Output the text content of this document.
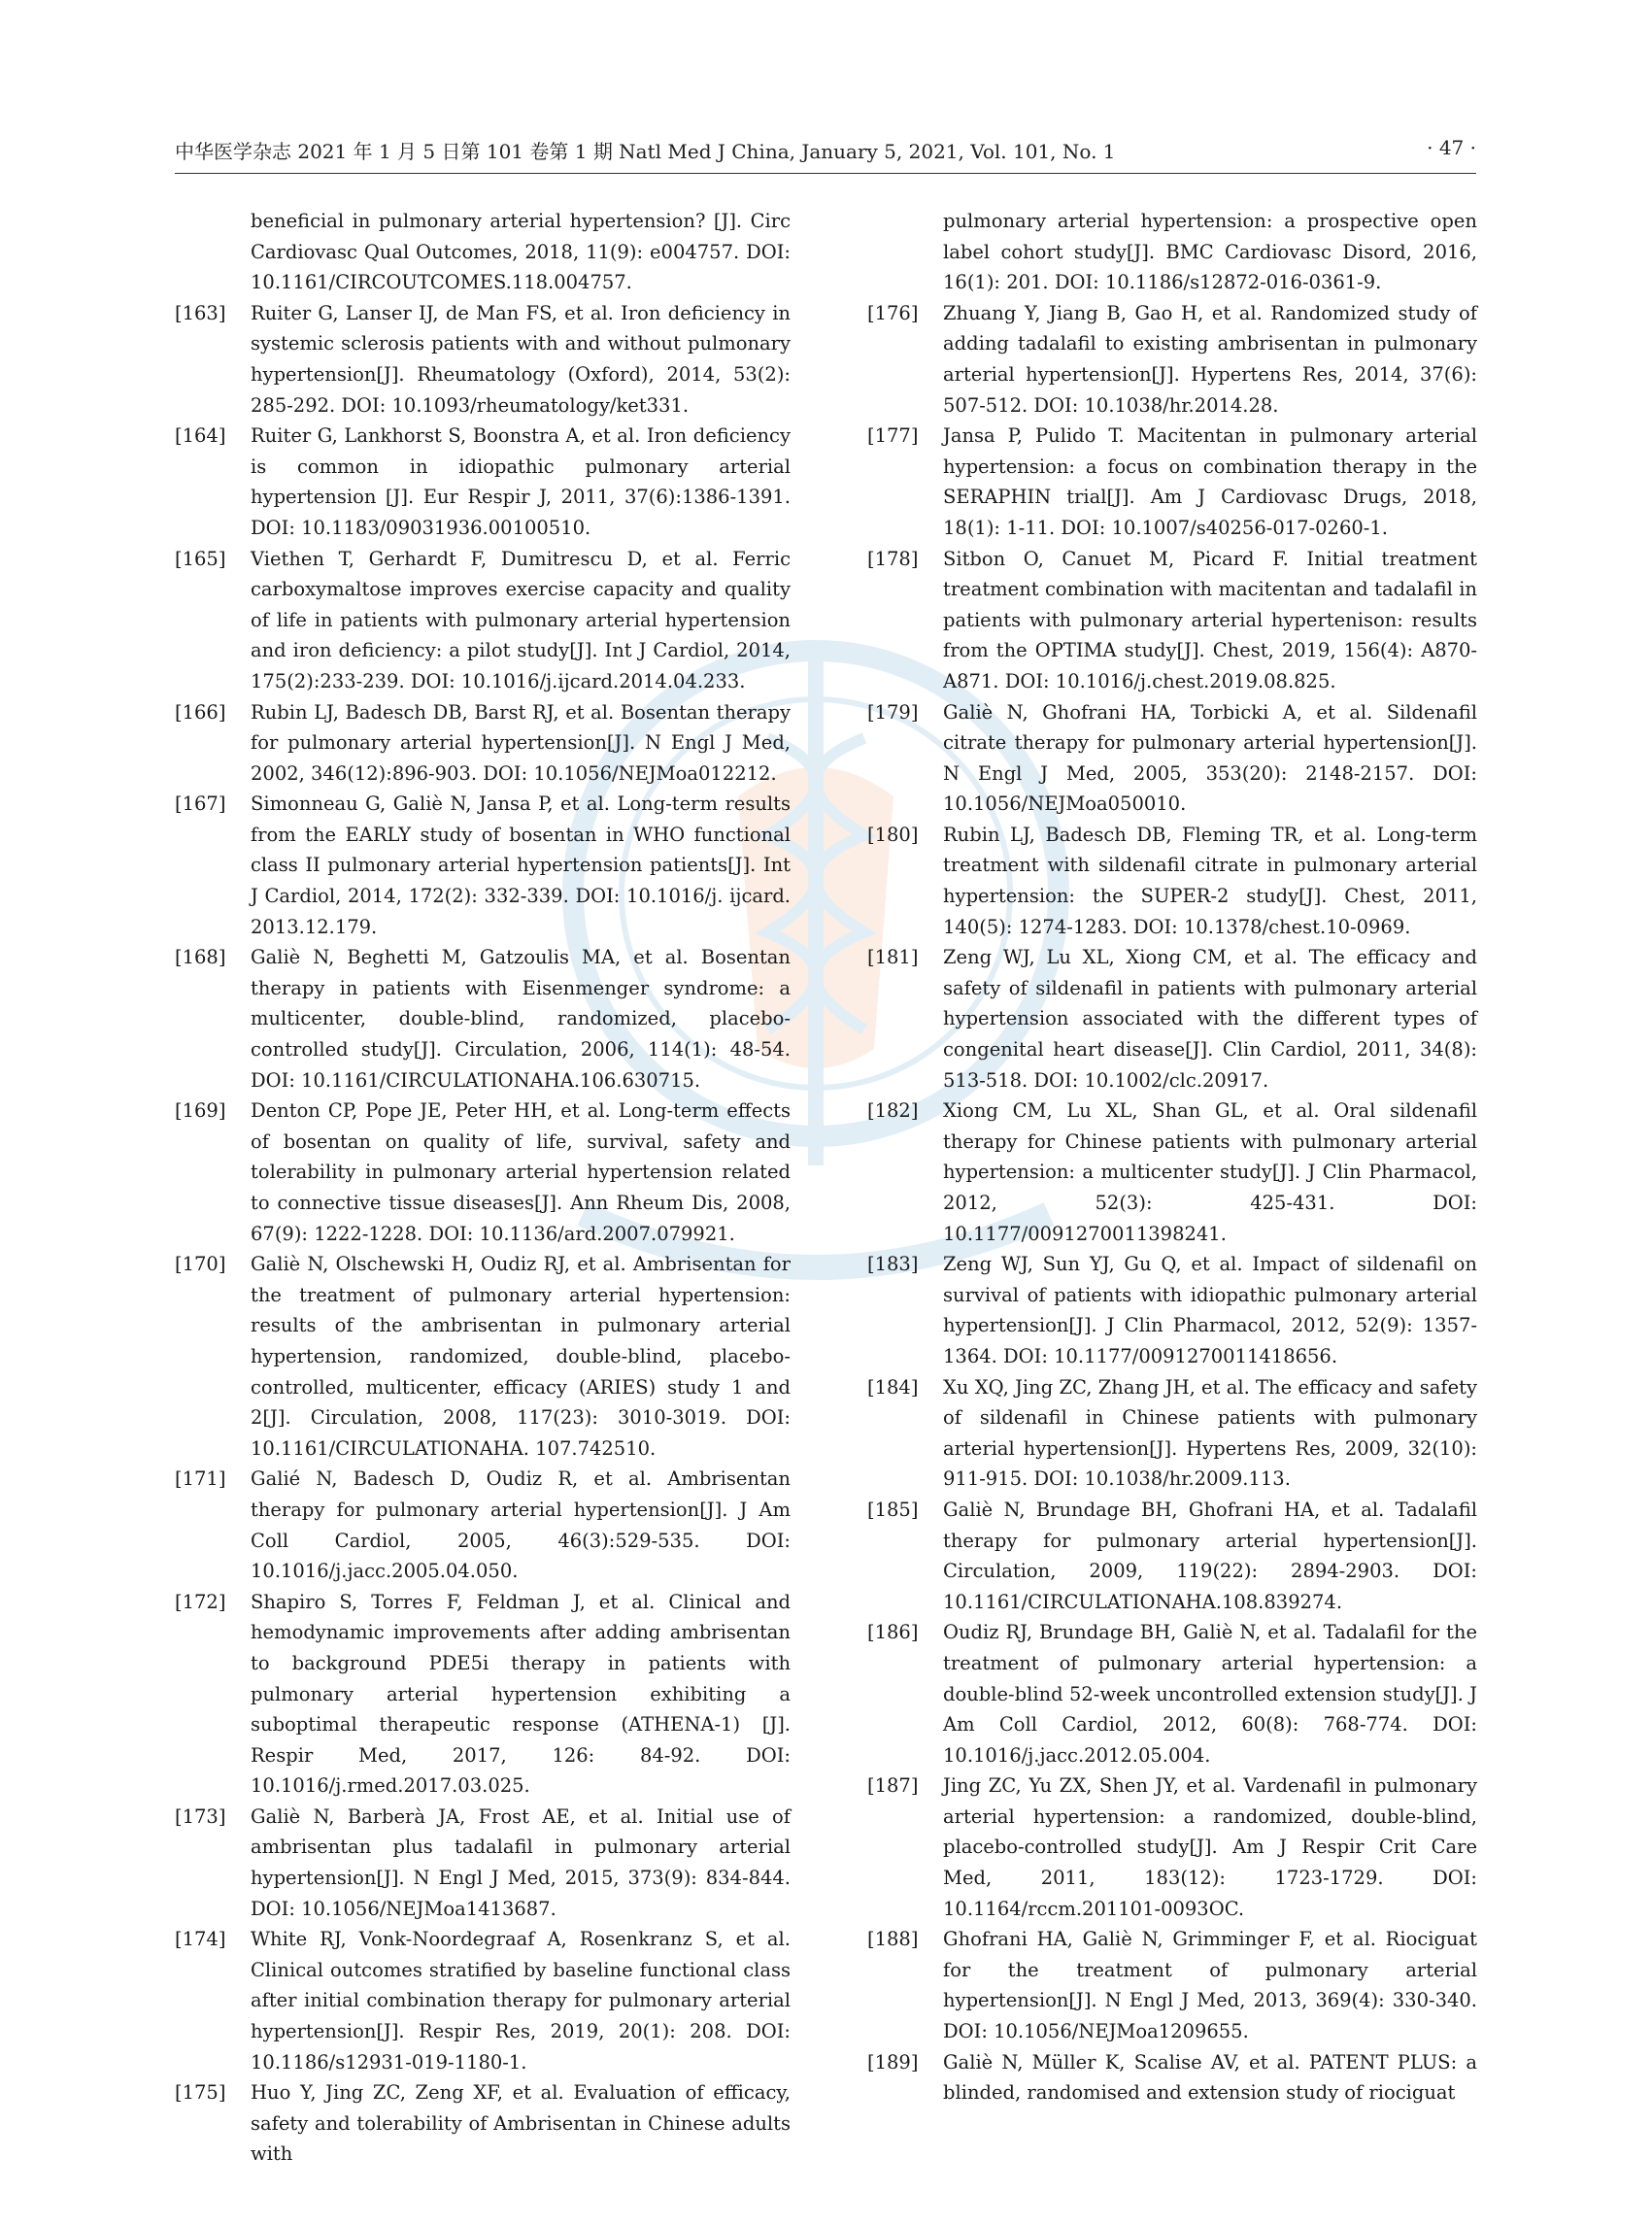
中华医学杂志 2021 年 1 月 5 日第 101 卷第 1 期 Natl Med J China, January 5, 2021, Vol. 101, No. 1	· 47 ·
beneficial in pulmonary arterial hypertension? [J]. Circ Cardiovasc Qual Outcomes, 2018, 11(9): e004757. DOI: 10.1161/CIRCOUTCOMES.118.004757.
[163]	Ruiter G, Lanser IJ, de Man FS, et al. Iron deficiency in systemic sclerosis patients with and without pulmonary hypertension[J]. Rheumatology (Oxford), 2014, 53(2): 285-292. DOI: 10.1093/rheumatology/ket331.
[164]	Ruiter G, Lankhorst S, Boonstra A, et al. Iron deficiency is common in idiopathic pulmonary arterial hypertension [J]. Eur Respir J, 2011, 37(6):1386-1391. DOI: 10.1183/09031936.00100510.
[165]	Viethen T, Gerhardt F, Dumitrescu D, et al. Ferric carboxymaltose improves exercise capacity and quality of life in patients with pulmonary arterial hypertension and iron deficiency: a pilot study[J]. Int J Cardiol, 2014, 175(2):233-239. DOI: 10.1016/j.ijcard.2014.04.233.
[166]	Rubin LJ, Badesch DB, Barst RJ, et al. Bosentan therapy for pulmonary arterial hypertension[J]. N Engl J Med, 2002, 346(12):896-903. DOI: 10.1056/NEJMoa012212.
[167]	Simonneau G, Galiè N, Jansa P, et al. Long-term results from the EARLY study of bosentan in WHO functional class II pulmonary arterial hypertension patients[J]. Int J Cardiol, 2014, 172(2): 332-339. DOI: 10.1016/j. ijcard. 2013.12.179.
[168]	Galiè N, Beghetti M, Gatzoulis MA, et al. Bosentan therapy in patients with Eisenmenger syndrome: a multicenter, double-blind, randomized, placebo-controlled study[J]. Circulation, 2006, 114(1): 48-54. DOI: 10.1161/CIRCULATIONAHA.106.630715.
[169]	Denton CP, Pope JE, Peter HH, et al. Long-term effects of bosentan on quality of life, survival, safety and tolerability in pulmonary arterial hypertension related to connective tissue diseases[J]. Ann Rheum Dis, 2008, 67(9): 1222-1228. DOI: 10.1136/ard.2007.079921.
[170]	Galiè N, Olschewski H, Oudiz RJ, et al. Ambrisentan for the treatment of pulmonary arterial hypertension: results of the ambrisentan in pulmonary arterial hypertension, randomized, double-blind, placebo-controlled, multicenter, efficacy (ARIES) study 1 and 2[J]. Circulation, 2008, 117(23): 3010-3019. DOI: 10.1161/CIRCULATIONAHA. 107.742510.
[171]	Galié N, Badesch D, Oudiz R, et al. Ambrisentan therapy for pulmonary arterial hypertension[J]. J Am Coll Cardiol, 2005, 46(3):529-535. DOI: 10.1016/j.jacc.2005.04.050.
[172]	Shapiro S, Torres F, Feldman J, et al. Clinical and hemodynamic improvements after adding ambrisentan to background PDE5i therapy in patients with pulmonary arterial hypertension exhibiting a suboptimal therapeutic response (ATHENA-1) [J]. Respir Med, 2017, 126: 84-92. DOI: 10.1016/j.rmed.2017.03.025.
[173]	Galiè N, Barberà JA, Frost AE, et al. Initial use of ambrisentan plus tadalafil in pulmonary arterial hypertension[J]. N Engl J Med, 2015, 373(9): 834-844. DOI: 10.1056/NEJMoa1413687.
[174]	White RJ, Vonk-Noordegraaf A, Rosenkranz S, et al. Clinical outcomes stratified by baseline functional class after initial combination therapy for pulmonary arterial hypertension[J]. Respir Res, 2019, 20(1): 208. DOI: 10.1186/s12931-019-1180-1.
[175]	Huo Y, Jing ZC, Zeng XF, et al. Evaluation of efficacy, safety and tolerability of Ambrisentan in Chinese adults with
pulmonary arterial hypertension: a prospective open label cohort study[J]. BMC Cardiovasc Disord, 2016, 16(1): 201. DOI: 10.1186/s12872-016-0361-9.
[176]	Zhuang Y, Jiang B, Gao H, et al. Randomized study of adding tadalafil to existing ambrisentan in pulmonary arterial hypertension[J]. Hypertens Res, 2014, 37(6): 507-512. DOI: 10.1038/hr.2014.28.
[177]	Jansa P, Pulido T. Macitentan in pulmonary arterial hypertension: a focus on combination therapy in the SERAPHIN trial[J]. Am J Cardiovasc Drugs, 2018, 18(1): 1-11. DOI: 10.1007/s40256-017-0260-1.
[178]	Sitbon O, Canuet M, Picard F. Initial treatment treatment combination with macitentan and tadalafil in patients with pulmonary arterial hypertenison: results from the OPTIMA study[J]. Chest, 2019, 156(4): A870-A871. DOI: 10.1016/j.chest.2019.08.825.
[179]	Galiè N, Ghofrani HA, Torbicki A, et al. Sildenafil citrate therapy for pulmonary arterial hypertension[J]. N Engl J Med, 2005, 353(20): 2148-2157. DOI: 10.1056/NEJMoa050010.
[180]	Rubin LJ, Badesch DB, Fleming TR, et al. Long-term treatment with sildenafil citrate in pulmonary arterial hypertension: the SUPER-2 study[J]. Chest, 2011, 140(5): 1274-1283. DOI: 10.1378/chest.10-0969.
[181]	Zeng WJ, Lu XL, Xiong CM, et al. The efficacy and safety of sildenafil in patients with pulmonary arterial hypertension associated with the different types of congenital heart disease[J]. Clin Cardiol, 2011, 34(8): 513-518. DOI: 10.1002/clc.20917.
[182]	Xiong CM, Lu XL, Shan GL, et al. Oral sildenafil therapy for Chinese patients with pulmonary arterial hypertension: a multicenter study[J]. J Clin Pharmacol, 2012, 52(3): 425-431. DOI: 10.1177/0091270011398241.
[183]	Zeng WJ, Sun YJ, Gu Q, et al. Impact of sildenafil on survival of patients with idiopathic pulmonary arterial hypertension[J]. J Clin Pharmacol, 2012, 52(9): 1357-1364. DOI: 10.1177/0091270011418656.
[184]	Xu XQ, Jing ZC, Zhang JH, et al. The efficacy and safety of sildenafil in Chinese patients with pulmonary arterial hypertension[J]. Hypertens Res, 2009, 32(10): 911-915. DOI: 10.1038/hr.2009.113.
[185]	Galiè N, Brundage BH, Ghofrani HA, et al. Tadalafil therapy for pulmonary arterial hypertension[J]. Circulation, 2009, 119(22): 2894-2903. DOI: 10.1161/CIRCULATIONAHA.108.839274.
[186]	Oudiz RJ, Brundage BH, Galiè N, et al. Tadalafil for the treatment of pulmonary arterial hypertension: a double-blind 52-week uncontrolled extension study[J]. J Am Coll Cardiol, 2012, 60(8): 768-774. DOI: 10.1016/j.jacc.2012.05.004.
[187]	Jing ZC, Yu ZX, Shen JY, et al. Vardenafil in pulmonary arterial hypertension: a randomized, double-blind, placebo-controlled study[J]. Am J Respir Crit Care Med, 2011, 183(12): 1723-1729. DOI: 10.1164/rccm.201101-0093OC.
[188]	Ghofrani HA, Galiè N, Grimminger F, et al. Riociguat for the treatment of pulmonary arterial hypertension[J]. N Engl J Med, 2013, 369(4): 330-340. DOI: 10.1056/NEJMoa1209655.
[189]	Galiè N, Müller K, Scalise AV, et al. PATENT PLUS: a blinded, randomised and extension study of riociguat
